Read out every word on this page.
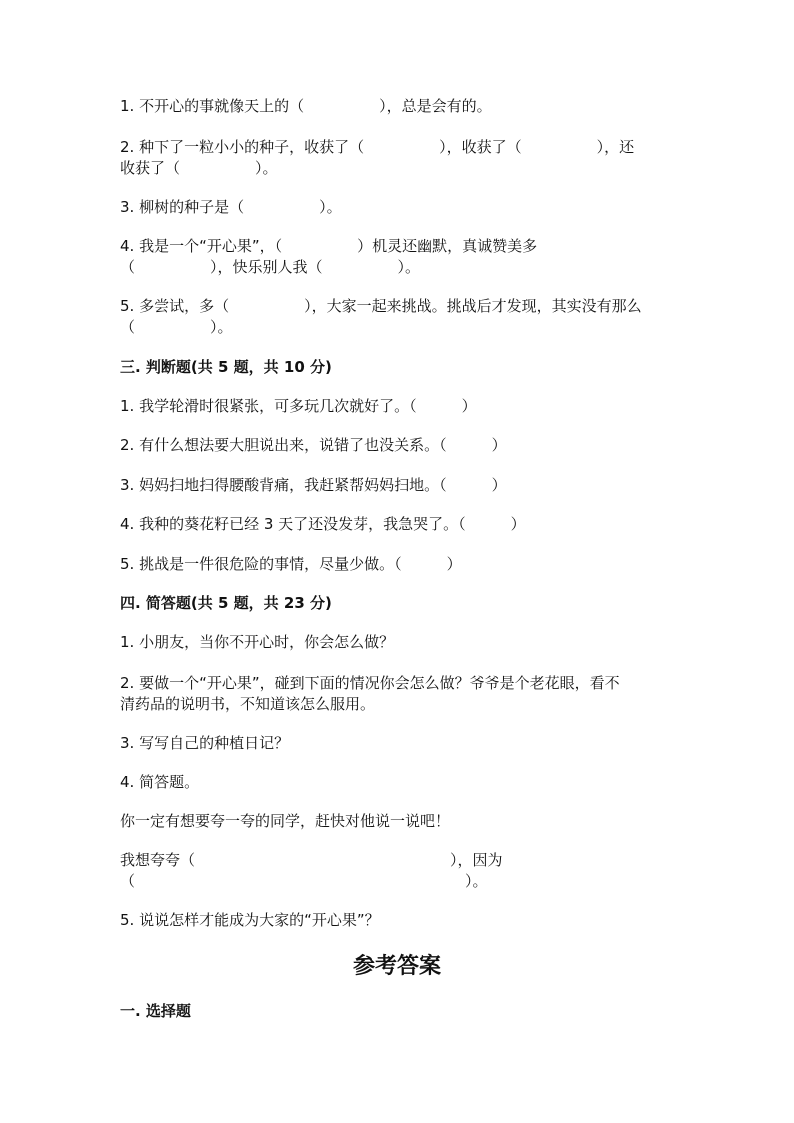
1. 不开心的事就像天上的（　　　　　），总是会有的。
2. 种下了一粒小小的种子，收获了（　　　　　），收获了（　　　　　），还
收获了（　　　　　）。
3. 柳树的种子是（　　　　　）。
4. 我是一个“开心果”，（　　　　　）机灵还幽默，真诚赞美多
（　　　　　），快乐别人我（　　　　　）。
5. 多尝试，多（　　　　　），大家一起来挑战。挑战后才发现，其实没有那么
（　　　　　）。
三. 判断题(共 5 题，共 10 分)
1. 我学轮滑时很紧张，可多玩几次就好了。（　　　）
2. 有什么想法要大胆说出来，说错了也没关系。（　　　）
3. 妈妈扫地扫得腰酸背痛，我赶紧帮妈妈扫地。（　　　）
4. 我种的葵花籽已经 3 天了还没发芽，我急哭了。（　　　）
5. 挑战是一件很危险的事情，尽量少做。（　　　）
四. 简答题(共 5 题，共 23 分)
1. 小朋友，当你不开心时，你会怎么做？
2. 要做一个“开心果”，碰到下面的情况你会怎么做？爷爷是个老花眼，看不
清药品的说明书，不知道该怎么服用。
3. 写写自己的种植日记？
4. 简答题。
你一定有想要夸一夸的同学，赶快对他说一说吧！
我想夸夸（　　　　　　　　　　　　　　　　　），因为
（　　　　　　　　　　　　　　　　　　　　　　）。
5. 说说怎样才能成为大家的“开心果”？
参考答案
一. 选择题
